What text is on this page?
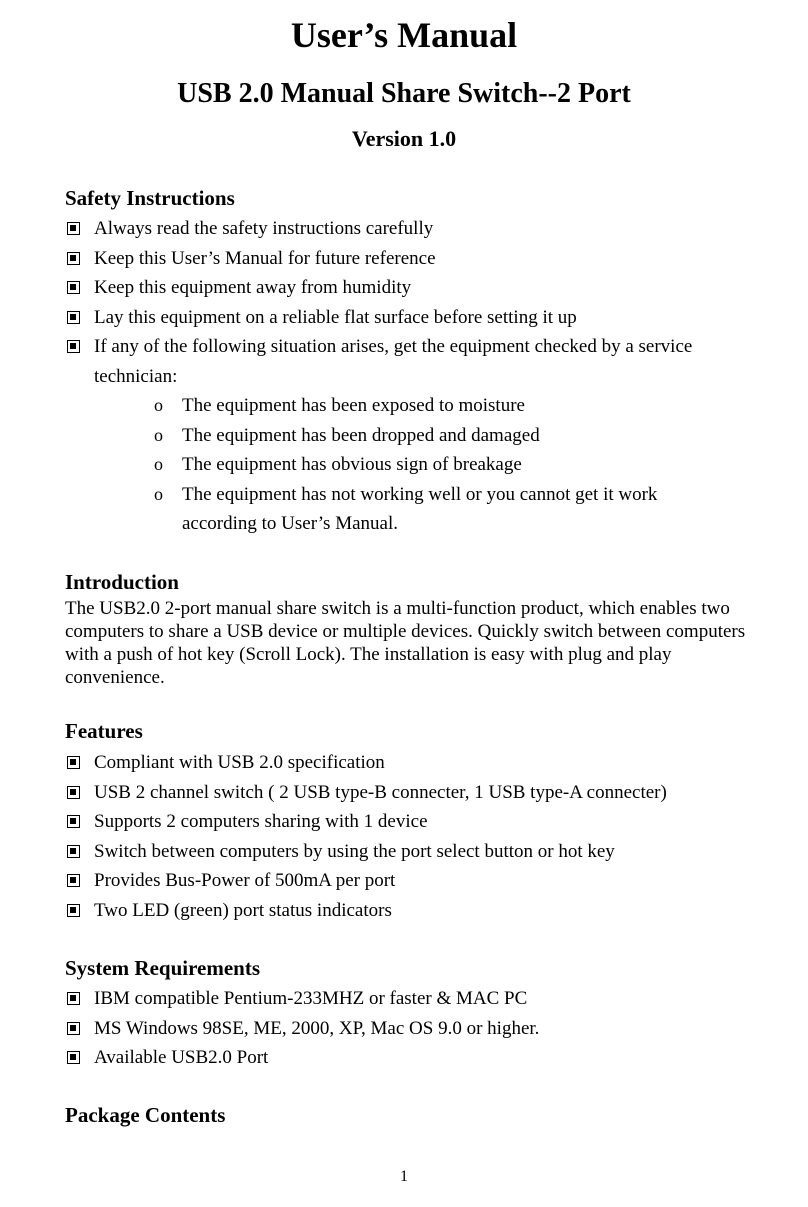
User’s Manual
USB 2.0 Manual Share Switch--2 Port
Version 1.0
Safety Instructions
Always read the safety instructions carefully
Keep this User’s Manual for future reference
Keep this equipment away from humidity
Lay this equipment on a reliable flat surface before setting it up
If any of the following situation arises, get the equipment checked by a service technician:
o The equipment has been exposed to moisture
o The equipment has been dropped and damaged
o The equipment has obvious sign of breakage
o The equipment has not working well or you cannot get it work according to User’s Manual.
Introduction

The USB2.0 2-port manual share switch is a multi-function product, which enables two computers to share a USB device or multiple devices. Quickly switch between computers with a push of hot key (Scroll Lock). The installation is easy with plug and play convenience.

Features
Compliant with USB 2.0 specification
USB 2 channel switch ( 2 USB type-B connecter, 1 USB type-A connecter)
Supports 2 computers sharing with 1 device
Switch between computers by using the port select button or hot key
Provides Bus-Power of 500mA per port
Two LED (green) port status indicators
System Requirements
IBM compatible Pentium-233MHZ or faster & MAC PC
MS Windows 98SE, ME, 2000, XP, Mac OS 9.0 or higher.
Available USB2.0 Port
Package Contents

1
